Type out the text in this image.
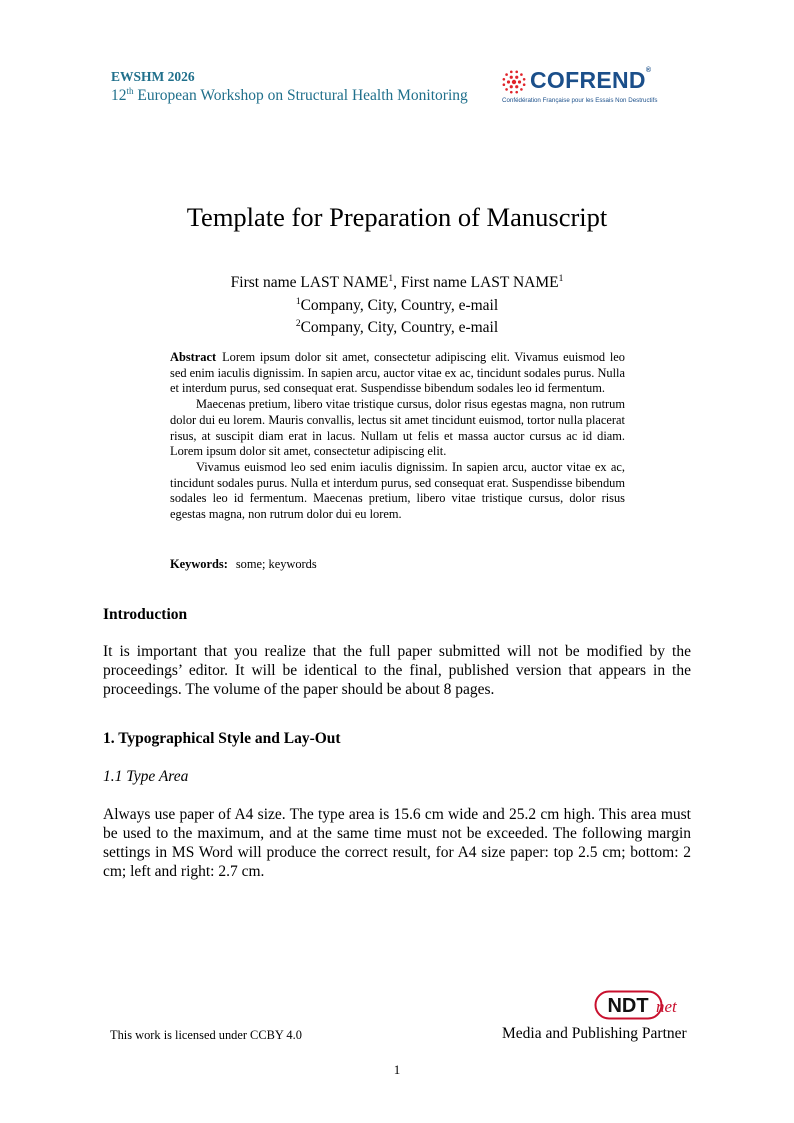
EWSHM 2026
12th European Workshop on Structural Health Monitoring
COFREND®
Confédération Française pour les Essais Non Destructifs
Template for Preparation of Manuscript
First name LAST NAME$^1$, First name LAST NAME$^1$
$^1$Company, City, Country, e-mail
$^2$Company, City, Country, e-mail

Abstract Lorem ipsum dolor sit amet, consectetur adipiscing elit. Vivamus euismod leo sed enim iaculis dignissim. In sapien arcu, auctor vitae ex ac, tincidunt sodales purus. Nulla et interdum purus, sed consequat erat. Suspendisse bibendum sodales leo id fermentum.

Maecenas pretium, libero vitae tristique cursus, dolor risus egestas magna, non rutrum dolor dui eu lorem. Mauris convallis, lectus sit amet tincidunt euismod, tortor nulla placerat risus, at suscipit diam erat in lacus. Nullam ut felis et massa auctor cursus ac id diam. Lorem ipsum dolor sit amet, consectetur adipiscing elit.

Vivamus euismod leo sed enim iaculis dignissim. In sapien arcu, auctor vitae ex ac, tincidunt sodales purus. Nulla et interdum purus, sed consequat erat. Suspendisse bibendum sodales leo id fermentum. Maecenas pretium, libero vitae tristique cursus, dolor risus egestas magna, non rutrum dolor dui eu lorem.

Keywords: some; keywords
Introduction

It is important that you realize that the full paper submitted will not be modified by the proceedings’ editor. It will be identical to the final, published version that appears in the proceedings. The volume of the paper should be about 8 pages.

1. Typographical Style and Lay-Out
1.1 Type Area

Always use paper of A4 size. The type area is 15.6 cm wide and 25.2 cm high. This area must be used to the maximum, and at the same time must not be exceeded. The following margin settings in MS Word will produce the correct result, for A4 size paper: top 2.5 cm; bottom: 2 cm; left and right: 2.7 cm.

NDT net
This work is licensed under CCBY 4.0	Media and Publishing Partner
1
